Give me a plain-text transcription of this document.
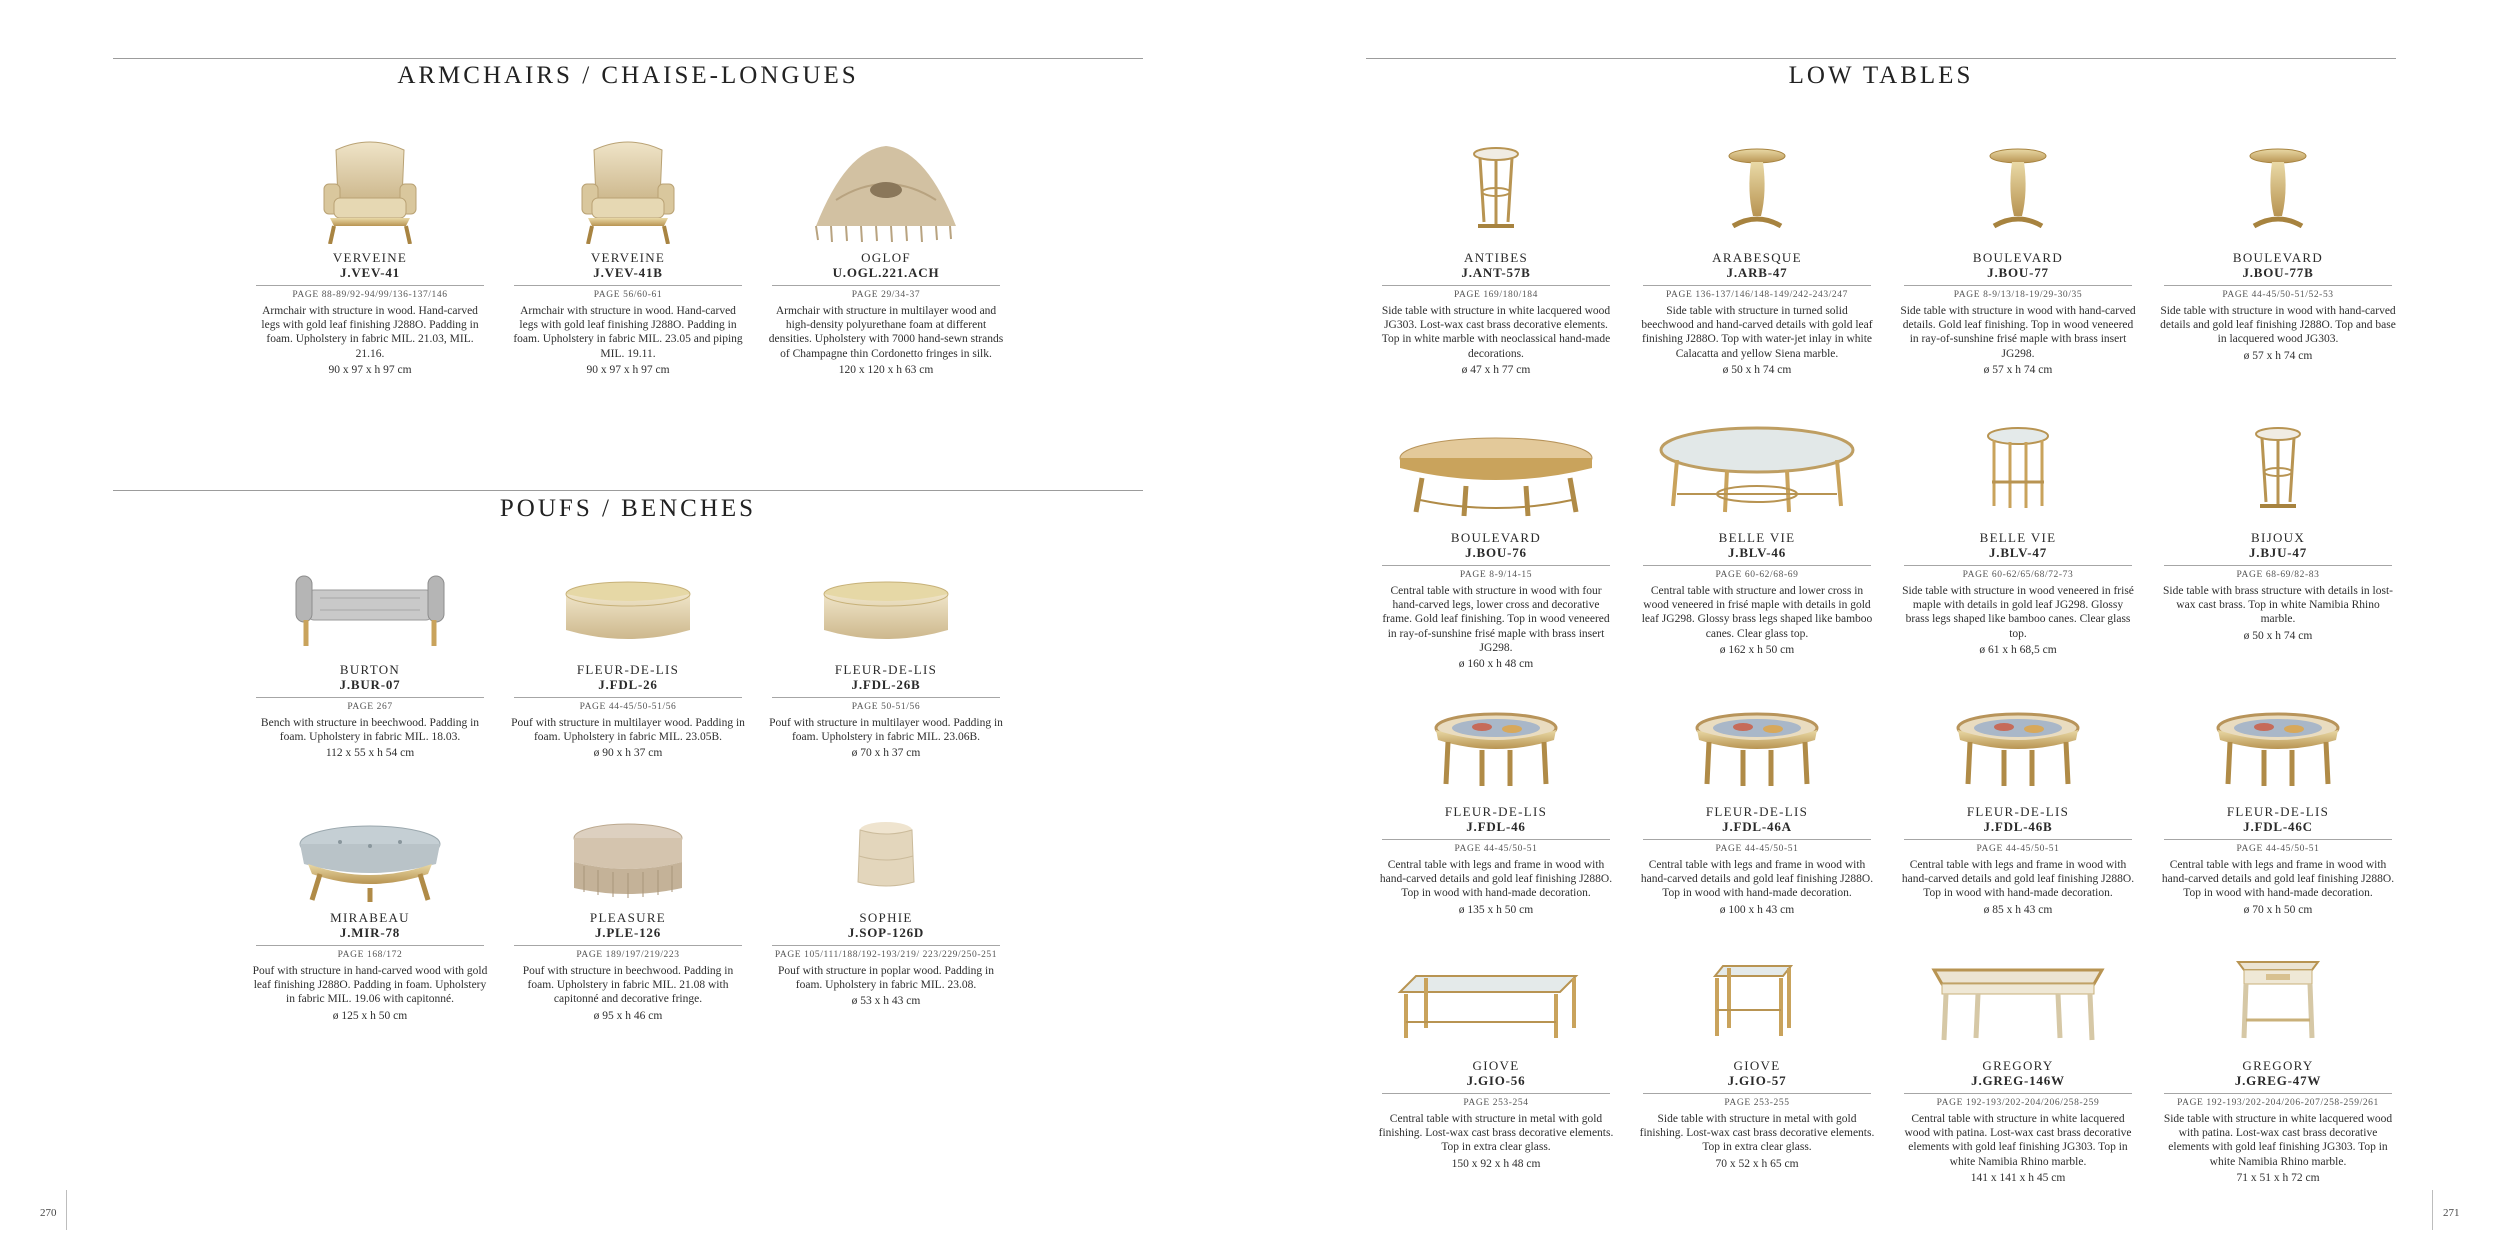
ARMCHAIRS / CHAISE-LONGUES
POUFS / BENCHES
LOW TABLES
270	271
VERVEINE
J.VEV-41
PAGE 88-89/92-94/99/136-137/146
Armchair with structure in wood. Hand-carved legs with gold leaf finishing J288O. Padding in foam. Upholstery in fabric MIL. 21.03, MIL. 21.16.
90 x 97 x h 97 cm
VERVEINE
J.VEV-41B
PAGE 56/60-61
Armchair with structure in wood. Hand-carved legs with gold leaf finishing J288O. Padding in foam. Upholstery in fabric MIL. 23.05 and piping MIL. 19.11.
90 x 97 x h 97 cm
OGLOF
U.OGL.221.ACH
PAGE 29/34-37
Armchair with structure in multilayer wood and high-density polyurethane foam at different densities. Upholstery with 7000 hand-sewn strands of Champagne thin Cordonetto fringes in silk.
120 x 120 x h 63 cm
BURTON
J.BUR-07
PAGE 267
Bench with structure in beechwood. Padding in foam. Upholstery in fabric MIL. 18.03.
112 x 55 x h 54 cm
FLEUR-DE-LIS
J.FDL-26
PAGE 44-45/50-51/56
Pouf with structure in multilayer wood. Padding in foam. Upholstery in fabric MIL. 23.05B.
ø 90 x h 37 cm
FLEUR-DE-LIS
J.FDL-26B
PAGE 50-51/56
Pouf with structure in multilayer wood. Padding in foam. Upholstery in fabric MIL. 23.06B.
ø 70 x h 37 cm
MIRABEAU
J.MIR-78
PAGE 168/172
Pouf with structure in hand-carved wood with gold leaf finishing J288O. Padding in foam. Upholstery in fabric MIL. 19.06 with capitonné.
ø 125 x h 50 cm
PLEASURE
J.PLE-126
PAGE 189/197/219/223
Pouf with structure in beechwood. Padding in foam. Upholstery in fabric MIL. 21.08 with capitonné and decorative fringe.
ø 95 x h 46 cm
SOPHIE
J.SOP-126D
PAGE 105/111/188/192-193/219/ 223/229/250-251
Pouf with structure in poplar wood. Padding in foam. Upholstery in fabric MIL. 23.08.
ø 53 x h 43 cm
ANTIBES
J.ANT-57B
PAGE 169/180/184
Side table with structure in white lacquered wood JG303. Lost-wax cast brass decorative elements. Top in white marble with neoclassical hand-made decorations.
ø 47 x h 77 cm
ARABESQUE
J.ARB-47
PAGE 136-137/146/148-149/242-243/247
Side table with structure in turned solid beechwood and hand-carved details with gold leaf finishing J288O. Top with water-jet inlay in white Calacatta and yellow Siena marble.
ø 50 x h 74 cm
BOULEVARD
J.BOU-77
PAGE 8-9/13/18-19/29-30/35
Side table with structure in wood with hand-carved details. Gold leaf finishing. Top in wood veneered in ray-of-sunshine frisé maple with brass insert JG298.
ø 57 x h 74 cm
BOULEVARD
J.BOU-77B
PAGE 44-45/50-51/52-53
Side table with structure in wood with hand-carved details and gold leaf finishing J288O. Top and base in lacquered wood JG303.
ø 57 x h 74 cm
BOULEVARD
J.BOU-76
PAGE 8-9/14-15
Central table with structure in wood with four hand-carved legs, lower cross and decorative frame. Gold leaf finishing. Top in wood veneered in ray-of-sunshine frisé maple with brass insert JG298.
ø 160 x h 48 cm
BELLE VIE
J.BLV-46
PAGE 60-62/68-69
Central table with structure and lower cross in wood veneered in frisé maple with details in gold leaf JG298. Glossy brass legs shaped like bamboo canes. Clear glass top.
ø 162 x h 50 cm
BELLE VIE
J.BLV-47
PAGE 60-62/65/68/72-73
Side table with structure in wood veneered in frisé maple with details in gold leaf JG298. Glossy brass legs shaped like bamboo canes. Clear glass top.
ø 61 x h 68,5 cm
BIJOUX
J.BJU-47
PAGE 68-69/82-83
Side table with brass structure with details in lost-wax cast brass. Top in white Namibia Rhino marble.
ø 50 x h 74 cm
FLEUR-DE-LIS
J.FDL-46
PAGE 44-45/50-51
Central table with legs and frame in wood with hand-carved details and gold leaf finishing J288O. Top in wood with hand-made decoration.
ø 135 x h 50 cm
FLEUR-DE-LIS
J.FDL-46A
PAGE 44-45/50-51
Central table with legs and frame in wood with hand-carved details and gold leaf finishing J288O. Top in wood with hand-made decoration.
ø 100 x h 43 cm
FLEUR-DE-LIS
J.FDL-46B
PAGE 44-45/50-51
Central table with legs and frame in wood with hand-carved details and gold leaf finishing J288O. Top in wood with hand-made decoration.
ø 85 x h 43 cm
FLEUR-DE-LIS
J.FDL-46C
PAGE 44-45/50-51
Central table with legs and frame in wood with hand-carved details and gold leaf finishing J288O. Top in wood with hand-made decoration.
ø 70 x h 50 cm
GIOVE
J.GIO-56
PAGE 253-254
Central table with structure in metal with gold finishing. Lost-wax cast brass decorative elements. Top in extra clear glass.
150 x 92 x h 48 cm
GIOVE
J.GIO-57
PAGE 253-255
Side table with structure in metal with gold finishing. Lost-wax cast brass decorative elements. Top in extra clear glass.
70 x 52 x h 65 cm
GREGORY
J.GREG-146W
PAGE 192-193/202-204/206/258-259
Central table with structure in white lacquered wood with patina. Lost-wax cast brass decorative elements with gold leaf finishing JG303. Top in white Namibia Rhino marble.
141 x 141 x h 45 cm
GREGORY
J.GREG-47W
PAGE 192-193/202-204/206-207/258-259/261
Side table with structure in white lacquered wood with patina. Lost-wax cast brass decorative elements with gold leaf finishing JG303. Top in white Namibia Rhino marble.
71 x 51 x h 72 cm
